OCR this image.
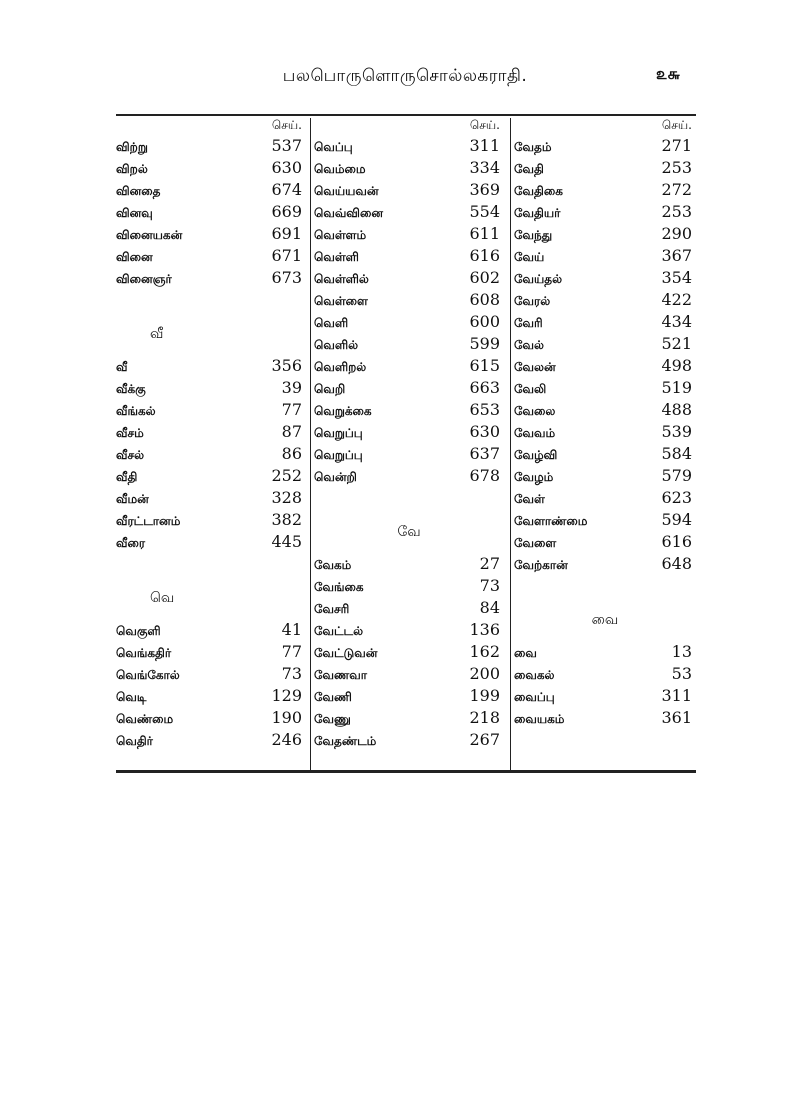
பலபொருளொருசொல்லகராதி.	௨௬
செய்.
விற்று	537
விறல்	630
வினதை	674
வினவு	669
வினையகன்	691
வினை	671
வினைஞர்	673
வீ
வீ	356
வீக்கு	39
வீங்கல்	77
வீசம்	87
வீசல்	86
வீதி	252
வீமன்	328
வீரட்டானம்	382
வீரை	445
வெ
வெகுளி	41
வெங்கதிர்	77
வெங்கோல்	73
வெடி	129
வெண்மை	190
வெதிர்	246
செய்.
வெப்பு	311
வெம்மை	334
வெய்யவன்	369
வெவ்வினை	554
வெள்ளம்	611
வெள்ளி	616
வெள்ளில்	602
வெள்ளை	608
வெளி	600
வெளில்	599
வெளிறல்	615
வெறி	663
வெறுக்கை	653
வெறுப்பு	630
வெறுப்பு	637
வென்றி	678
வே
வேகம்	27
வேங்கை	73
வேசரி	84
வேட்டல்	136
வேட்டுவன்	162
வேணவா	200
வேணி	199
வேணு	218
வேதண்டம்	267
செய்.
வேதம்	271
வேதி	253
வேதிகை	272
வேதியர்	253
வேந்து	290
வேய்	367
வேய்தல்	354
வேரல்	422
வேரி	434
வேல்	521
வேலன்	498
வேலி	519
வேலை	488
வேவம்	539
வேழ்வி	584
வேழம்	579
வேள்	623
வேளாண்மை	594
வேளை	616
வேற்கான்	648
வை
வை	13
வைகல்	53
வைப்பு	311
வையகம்	361
